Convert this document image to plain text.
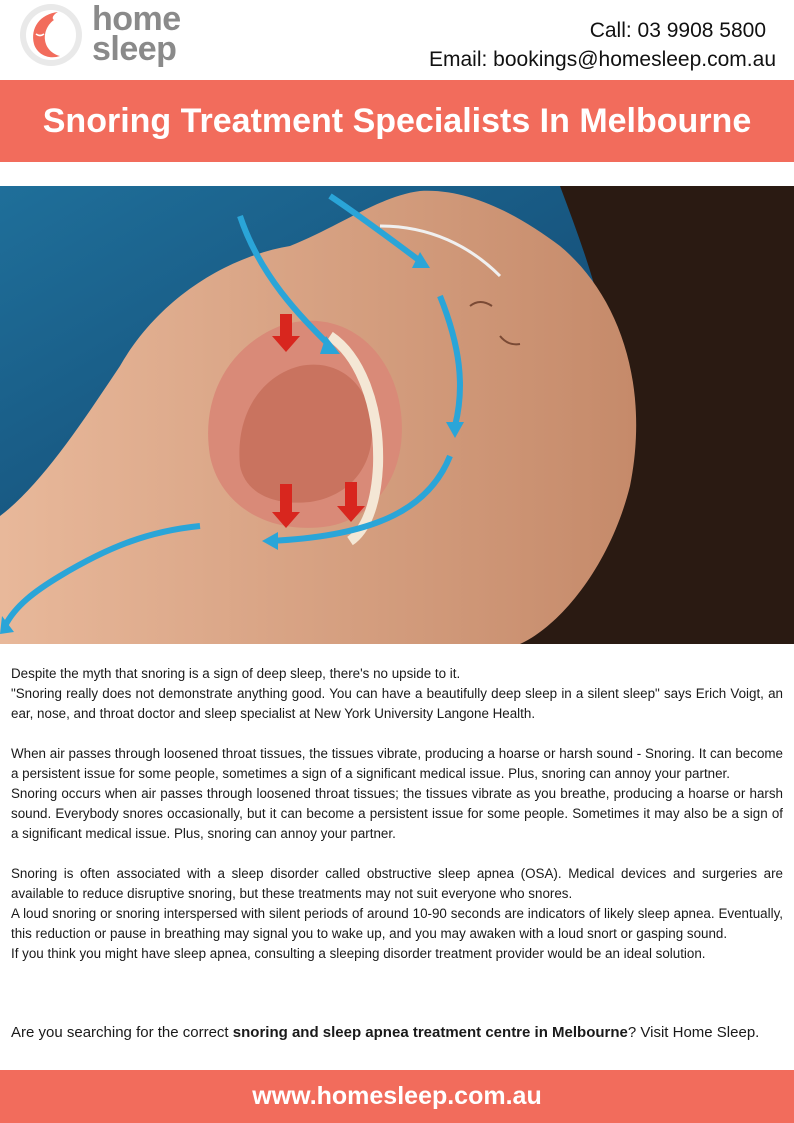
home
sleep	Call: 03 9908 5800
Email: bookings@homesleep.com.au
Snoring Treatment Specialists In Melbourne

Despite the myth that snoring is a sign of deep sleep, there's no upside to it.

"Snoring really does not demonstrate anything good. You can have a beautifully deep sleep in a silent sleep" says Erich Voigt, an ear, nose, and throat doctor and sleep specialist at New York University Langone Health.

When air passes through loosened throat tissues, the tissues vibrate, producing a hoarse or harsh sound - Snoring. It can become a persistent issue for some people, sometimes a sign of a significant medical issue. Plus, snoring can annoy your partner.

Snoring occurs when air passes through loosened throat tissues; the tissues vibrate as you breathe, producing a hoarse or harsh sound. Everybody snores occasionally, but it can become a persistent issue for some people. Sometimes it may also be a sign of a significant medical issue. Plus, snoring can annoy your partner.

Snoring is often associated with a sleep disorder called obstructive sleep apnea (OSA). Medical devices and surgeries are available to reduce disruptive snoring, but these treatments may not suit everyone who snores.

A loud snoring or snoring interspersed with silent periods of around 10-90 seconds are indicators of likely sleep apnea. Eventually, this reduction or pause in breathing may signal you to wake up, and you may awaken with a loud snort or gasping sound.

If you think you might have sleep apnea, consulting a sleeping disorder treatment provider would be an ideal solution.

Are you searching for the correct snoring and sleep apnea treatment centre in Melbourne? Visit Home Sleep.
www.homesleep.com.au
